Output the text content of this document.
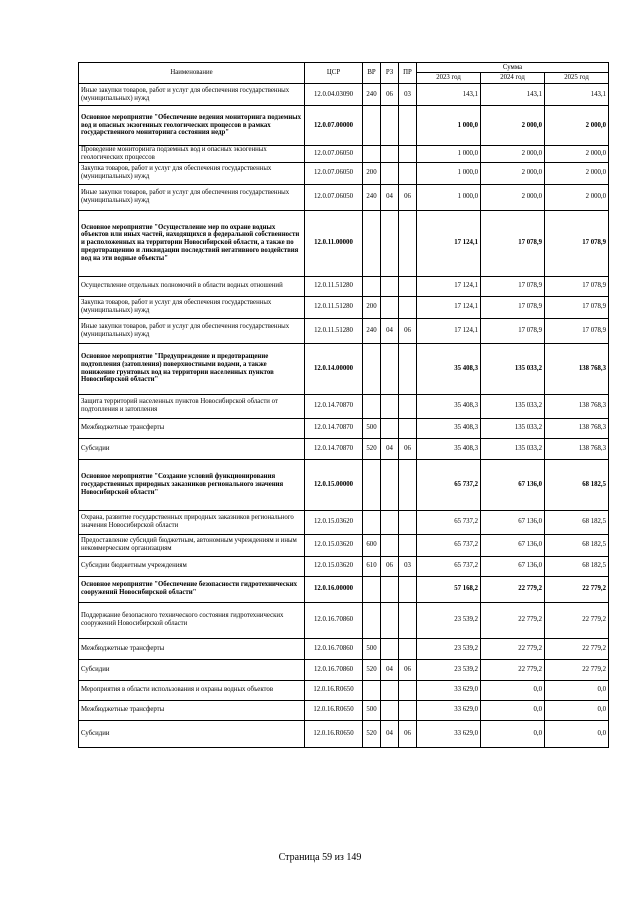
Наименование	ЦСР	ВР	РЗ	ПР	Сумма		
					2023 год	2024 год	2025 год
Иные закупки товаров, работ и услуг для обеспечения государственных (муниципальных) нужд	12.0.04.03090	240	06	03	143,1	143,1	143,1
Основное мероприятие "Обеспечение ведения мониторинга подземных вод и опасных экзогенных геологических процессов в рамках государственного мониторинга состояния недр"	12.0.07.00000				1 000,0	2 000,0	2 000,0
Проведение мониторинга подземных вод и опасных экзогенных геологических процессов	12.0.07.06050				1 000,0	2 000,0	2 000,0
Закупка товаров, работ и услуг для обеспечения государственных (муниципальных) нужд	12.0.07.06050	200			1 000,0	2 000,0	2 000,0
Иные закупки товаров, работ и услуг для обеспечения государственных (муниципальных) нужд	12.0.07.06050	240	04	06	1 000,0	2 000,0	2 000,0
Основное мероприятие "Осуществление мер по охране водных объектов или иных частей, находящихся в федеральной собственности и расположенных на территории Новосибирской области, а также по предотвращению и ликвидации последствий негативного воздействия вод на эти водные объекты"	12.0.11.00000				17 124,1	17 078,9	17 078,9
Осуществление отдельных полномочий в области водных отношений	12.0.11.51280				17 124,1	17 078,9	17 078,9
Закупка товаров, работ и услуг для обеспечения государственных (муниципальных) нужд	12.0.11.51280	200			17 124,1	17 078,9	17 078,9
Иные закупки товаров, работ и услуг для обеспечения государственных (муниципальных) нужд	12.0.11.51280	240	04	06	17 124,1	17 078,9	17 078,9
Основное мероприятие "Предупреждение и предотвращение подтопления (затопления) поверхностными водами, а также понижение грунтовых вод на территории населенных пунктов Новосибирской области"	12.0.14.00000				35 408,3	135 033,2	138 768,3
Защита территорий населенных пунктов Новосибирской области от подтопления и затопления	12.0.14.70870				35 408,3	135 033,2	138 768,3
Межбюджетные трансферты	12.0.14.70870	500			35 408,3	135 033,2	138 768,3
Субсидии	12.0.14.70870	520	04	06	35 408,3	135 033,2	138 768,3
Основное мероприятие "Создание условий функционирования государственных природных заказников регионального значения Новосибирской области"	12.0.15.00000				65 737,2	67 136,0	68 182,5
Охрана, развитие государственных природных заказников регионального значения Новосибирской области	12.0.15.03620				65 737,2	67 136,0	68 182,5
Предоставление субсидий бюджетным, автономным учреждениям и иным некоммерческим организациям	12.0.15.03620	600			65 737,2	67 136,0	68 182,5
Субсидии бюджетным учреждениям	12.0.15.03620	610	06	03	65 737,2	67 136,0	68 182,5
Основное мероприятие "Обеспечение безопасности гидротехнических сооружений Новосибирской области"	12.0.16.00000				57 168,2	22 779,2	22 779,2
Поддержание безопасного технического состояния гидротехнических сооружений Новосибирской области	12.0.16.70860				23 539,2	22 779,2	22 779,2
Межбюджетные трансферты	12.0.16.70860	500			23 539,2	22 779,2	22 779,2
Субсидии	12.0.16.70860	520	04	06	23 539,2	22 779,2	22 779,2
Мероприятия в области использования и охраны водных объектов	12.0.16.R0650				33 629,0	0,0	0,0
Межбюджетные трансферты	12.0.16.R0650	500			33 629,0	0,0	0,0
Субсидии	12.0.16.R0650	520	04	06	33 629,0	0,0	0,0
Страница 59 из 149
